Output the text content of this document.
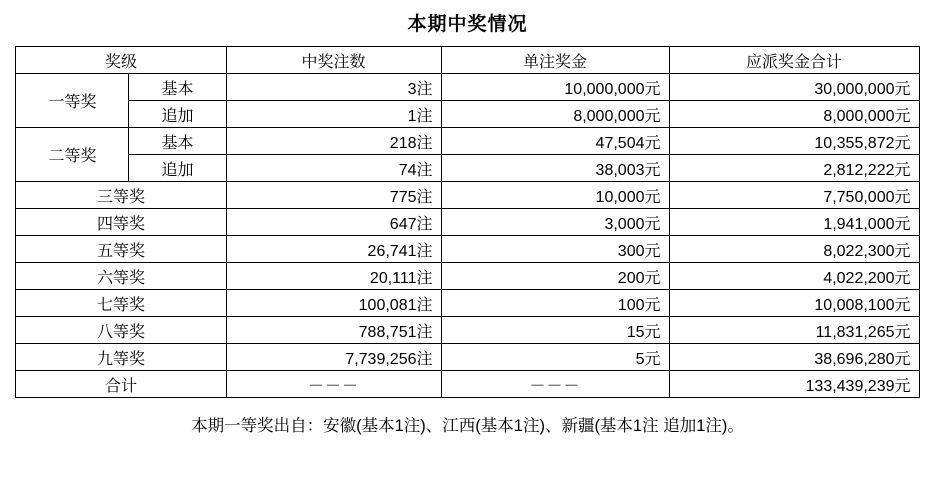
本期中奖情况
奖级		中奖注数	单注奖金	应派奖金合计
一等奖	基本	3注	10,000,000元	30,000,000元
	追加	1注	8,000,000元	8,000,000元
二等奖	基本	218注	47,504元	10,355,872元
	追加	74注	38,003元	2,812,222元
三等奖		775注	10,000元	7,750,000元
四等奖		647注	3,000元	1,941,000元
五等奖		26,741注	300元	8,022,300元
六等奖		20,111注	200元	4,022,200元
七等奖		100,081注	100元	10,008,100元
八等奖		788,751注	15元	11,831,265元
九等奖		7,739,256注	5元	38,696,280元
合计		－－－	－－－	133,439,239元
本期一等奖出自：安徽(基本1注)、江西(基本1注)、新疆(基本1注 追加1注)。
